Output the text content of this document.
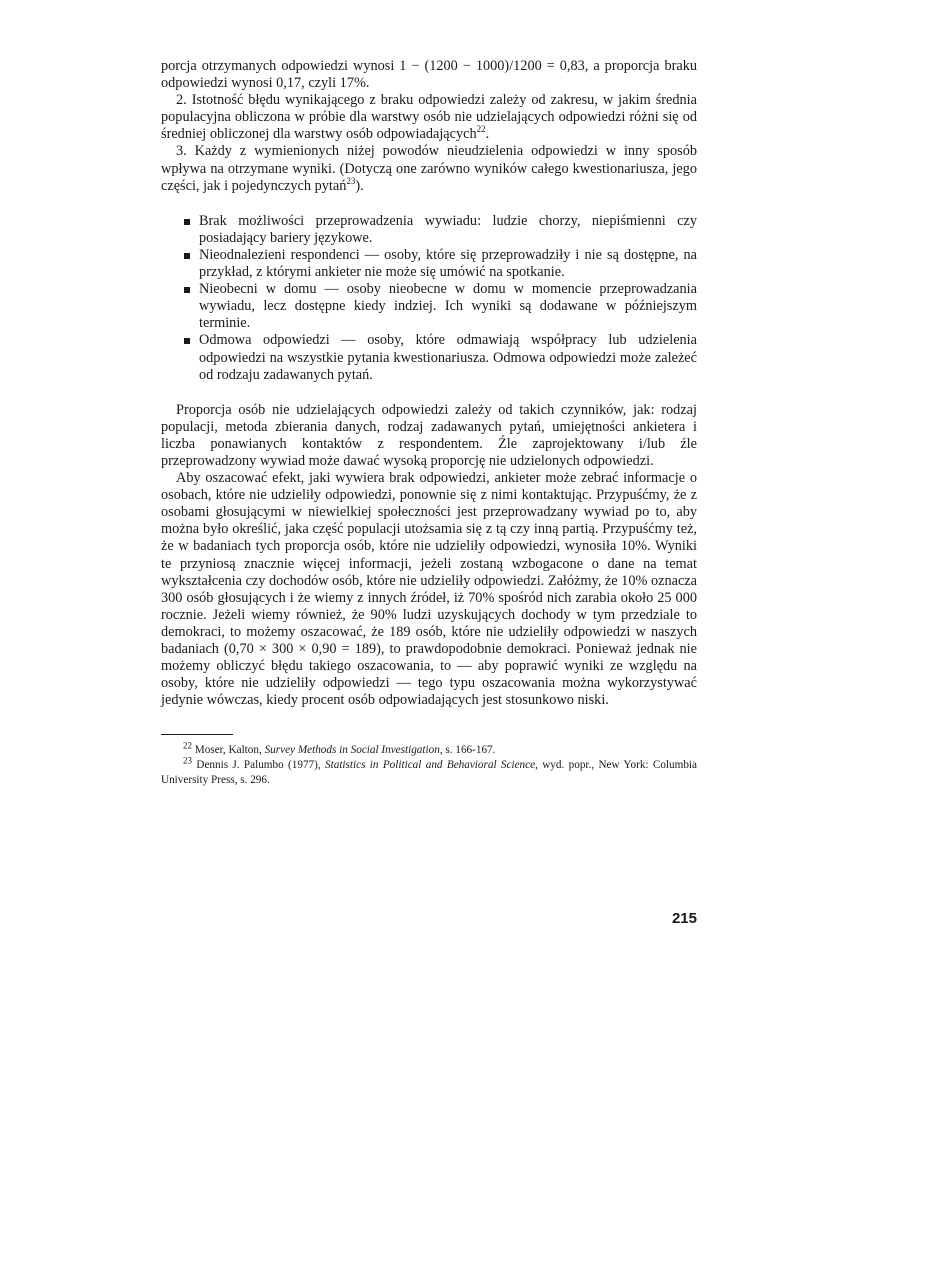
porcja otrzymanych odpowiedzi wynosi 1 − (1200 − 1000)/1200 = 0,83, a proporcja braku odpowiedzi wynosi 0,17, czyli 17%.

2. Istotność błędu wynikającego z braku odpowiedzi zależy od zakresu, w jakim średnia populacyjna obliczona w próbie dla warstwy osób nie udzielających odpowiedzi różni się od średniej obliczonej dla warstwy osób odpowiadających$^{22}$.

3. Każdy z wymienionych niżej powodów nieudzielenia odpowiedzi w inny sposób wpływa na otrzymane wyniki. (Dotyczą one zarówno wyników całego kwestionariusza, jego części, jak i pojedynczych pytań$^{23}$).

Brak możliwości przeprowadzenia wywiadu: ludzie chorzy, niepiśmienni czy posiadający bariery językowe.
Nieodnalezieni respondenci — osoby, które się przeprowadziły i nie są dostępne, na przykład, z którymi ankieter nie może się umówić na spotkanie.
Nieobecni w domu — osoby nieobecne w domu w momencie przeprowadzania wywiadu, lecz dostępne kiedy indziej. Ich wyniki są dodawane w późniejszym terminie.
Odmowa odpowiedzi — osoby, które odmawiają współpracy lub udzielenia odpowiedzi na wszystkie pytania kwestionariusza. Odmowa odpowiedzi może zależeć od rodzaju zadawanych pytań.

Proporcja osób nie udzielających odpowiedzi zależy od takich czynników, jak: rodzaj populacji, metoda zbierania danych, rodzaj zadawanych pytań, umiejętności ankietera i liczba ponawianych kontaktów z respondentem. Źle zaprojektowany i/lub źle przeprowadzony wywiad może dawać wysoką proporcję nie udzielonych odpowiedzi.

Aby oszacować efekt, jaki wywiera brak odpowiedzi, ankieter może zebrać informacje o osobach, które nie udzieliły odpowiedzi, ponownie się z nimi kontaktując. Przypuśćmy, że z osobami głosującymi w niewielkiej społeczności jest przeprowadzany wywiad po to, aby można było określić, jaka część populacji utożsamia się z tą czy inną partią. Przypuśćmy też, że w badaniach tych proporcja osób, które nie udzieliły odpowiedzi, wynosiła 10%. Wyniki te przyniosą znacznie więcej informacji, jeżeli zostaną wzbogacone o dane na temat wykształcenia czy dochodów osób, które nie udzieliły odpowiedzi. Załóżmy, że 10% oznacza 300 osób głosujących i że wiemy z innych źródeł, iż 70% spośród nich zarabia około 25 000 rocznie. Jeżeli wiemy również, że 90% ludzi uzyskujących dochody w tym przedziale to demokraci, to możemy oszacować, że 189 osób, które nie udzieliły odpowiedzi w naszych badaniach (0,70 × 300 × 0,90 = 189), to prawdopodobnie demokraci. Ponieważ jednak nie możemy obliczyć błędu takiego oszacowania, to — aby poprawić wyniki ze względu na osoby, które nie udzieliły odpowiedzi — tego typu oszacowania można wykorzystywać jedynie wówczas, kiedy procent osób odpowiadających jest stosunkowo niski.

$^{22}$ Moser, Kalton, Survey Methods in Social Investigation, s. 166-167.

$^{23}$ Dennis J. Palumbo (1977), Statistics in Political and Behavioral Science, wyd. popr., New York: Columbia University Press, s. 296.

215
